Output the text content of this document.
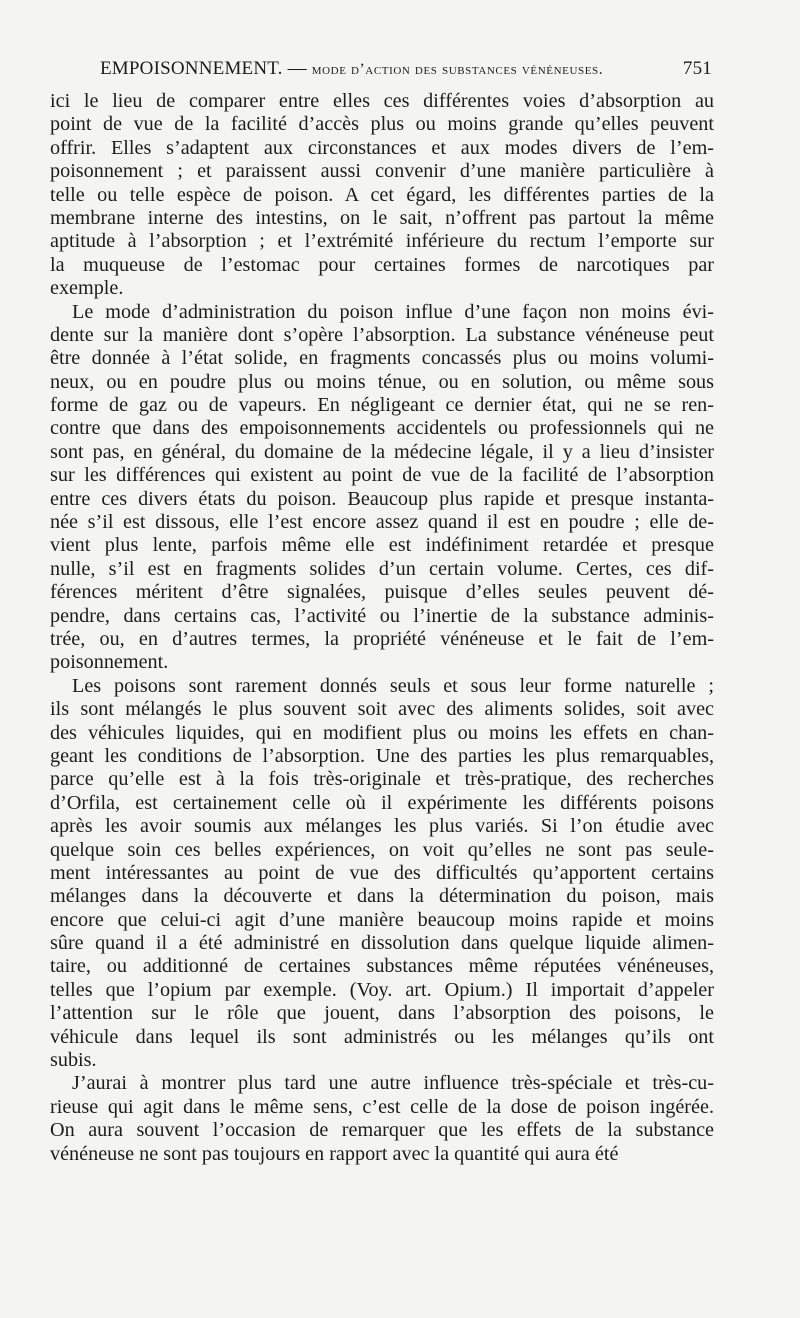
EMPOISONNEMENT. — mode d’action des substances vénéneuses.	751
ici le lieu de comparer entre elles ces différentes voies d’absorption au
point de vue de la facilité d’accès plus ou moins grande qu’elles peuvent
offrir. Elles s’adaptent aux circonstances et aux modes divers de l’em-
poisonnement ; et paraissent aussi convenir d’une manière particulière à
telle ou telle espèce de poison. A cet égard, les différentes parties de la
membrane interne des intestins, on le sait, n’offrent pas partout la même
aptitude à l’absorption ; et l’extrémité inférieure du rectum l’emporte sur
la muqueuse de l’estomac pour certaines formes de narcotiques par
exemple.
Le mode d’administration du poison influe d’une façon non moins évi-
dente sur la manière dont s’opère l’absorption. La substance vénéneuse peut
être donnée à l’état solide, en fragments concassés plus ou moins volumi-
neux, ou en poudre plus ou moins ténue, ou en solution, ou même sous
forme de gaz ou de vapeurs. En négligeant ce dernier état, qui ne se ren-
contre que dans des empoisonnements accidentels ou professionnels qui ne
sont pas, en général, du domaine de la médecine légale, il y a lieu d’insister
sur les différences qui existent au point de vue de la facilité de l’absorption
entre ces divers états du poison. Beaucoup plus rapide et presque instanta-
née s’il est dissous, elle l’est encore assez quand il est en poudre ; elle de-
vient plus lente, parfois même elle est indéfiniment retardée et presque
nulle, s’il est en fragments solides d’un certain volume. Certes, ces dif-
férences méritent d’être signalées, puisque d’elles seules peuvent dé-
pendre, dans certains cas, l’activité ou l’inertie de la substance adminis-
trée, ou, en d’autres termes, la propriété vénéneuse et le fait de l’em-
poisonnement.
Les poisons sont rarement donnés seuls et sous leur forme naturelle ;
ils sont mélangés le plus souvent soit avec des aliments solides, soit avec
des véhicules liquides, qui en modifient plus ou moins les effets en chan-
geant les conditions de l’absorption. Une des parties les plus remarquables,
parce qu’elle est à la fois très-originale et très-pratique, des recherches
d’Orfila, est certainement celle où il expérimente les différents poisons
après les avoir soumis aux mélanges les plus variés. Si l’on étudie avec
quelque soin ces belles expériences, on voit qu’elles ne sont pas seule-
ment intéressantes au point de vue des difficultés qu’apportent certains
mélanges dans la découverte et dans la détermination du poison, mais
encore que celui-ci agit d’une manière beaucoup moins rapide et moins
sûre quand il a été administré en dissolution dans quelque liquide alimen-
taire, ou additionné de certaines substances même réputées vénéneuses,
telles que l’opium par exemple. (Voy. art. Opium.) Il importait d’appeler
l’attention sur le rôle que jouent, dans l’absorption des poisons, le
véhicule dans lequel ils sont administrés ou les mélanges qu’ils ont
subis.
J’aurai à montrer plus tard une autre influence très-spéciale et très-cu-
rieuse qui agit dans le même sens, c’est celle de la dose de poison ingérée.
On aura souvent l’occasion de remarquer que les effets de la substance
vénéneuse ne sont pas toujours en rapport avec la quantité qui aura été
